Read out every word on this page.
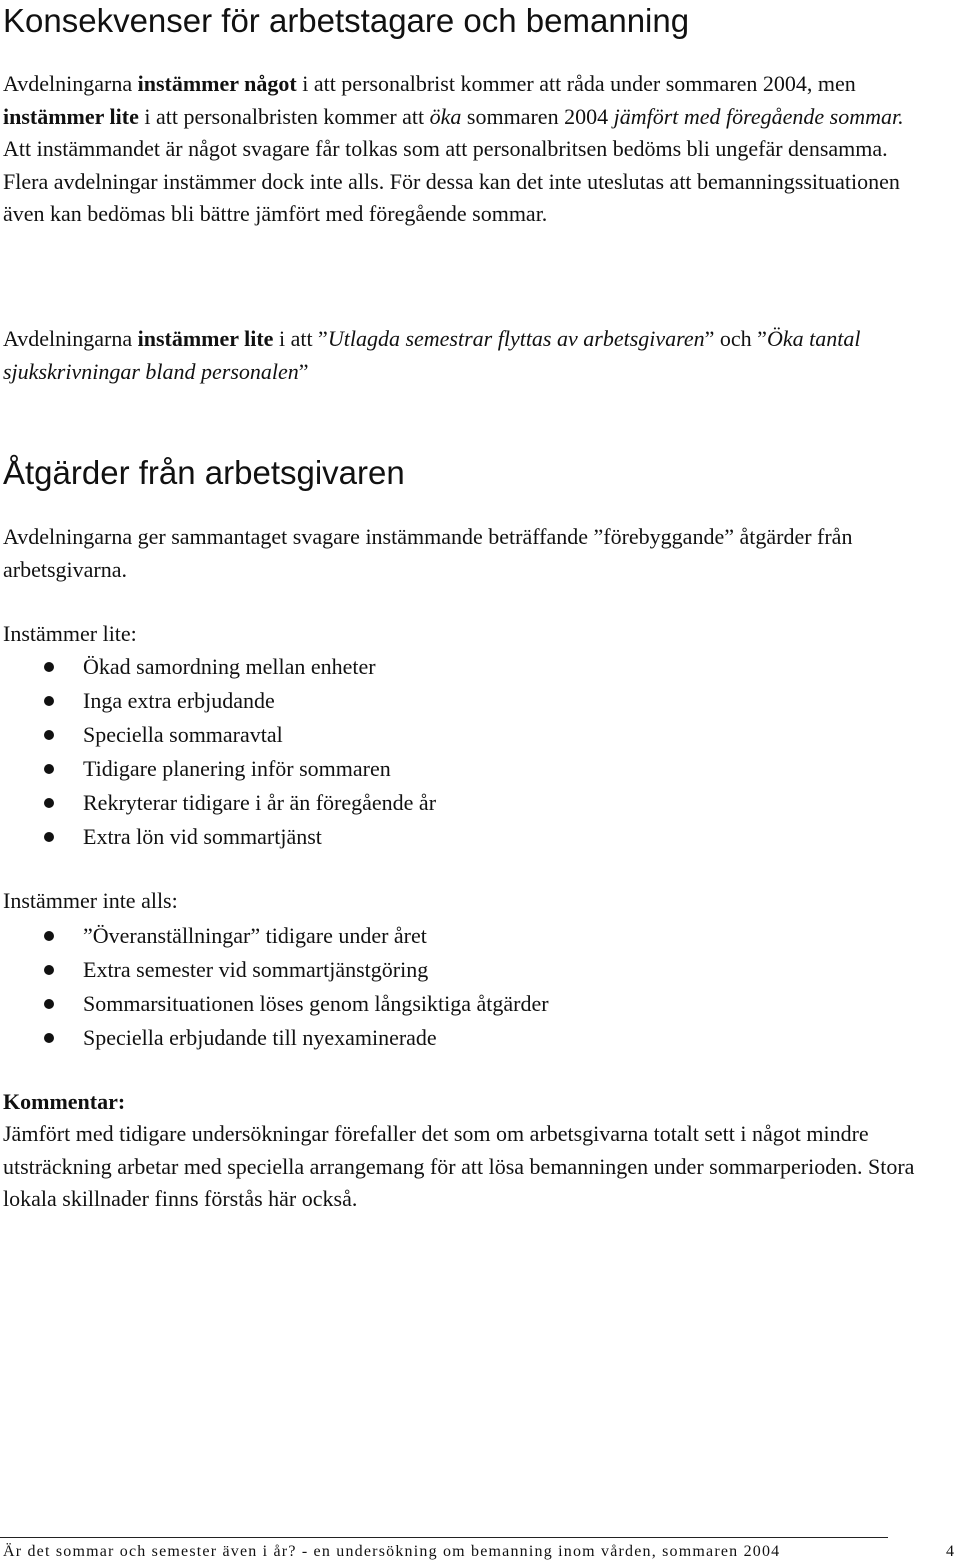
Konsekvenser för arbetstagare och bemanning

Avdelningarna instämmer något i att personalbrist kommer att råda under sommaren 2004, men instämmer lite i att personalbristen kommer att öka sommaren 2004 jämfört med föregående sommar. Att instämmandet är något svagare får tolkas som att personalbritsen bedöms bli ungefär densamma. Flera avdelningar instämmer dock inte alls. För dessa kan det inte uteslutas att bemanningssituationen även kan bedömas bli bättre jämfört med föregående sommar.

Avdelningarna instämmer lite i att ”Utlagda semestrar flyttas av arbetsgivaren” och ”Öka tantal sjukskrivningar bland personalen”

Åtgärder från arbetsgivaren

Avdelningarna ger sammantaget svagare instämmande beträffande ”förebyggande” åtgärder från arbetsgivarna.

Instämmer lite:

Ökad samordning mellan enheter
Inga extra erbjudande
Speciella sommaravtal
Tidigare planering inför sommaren
Rekryterar tidigare i år än föregående år
Extra lön vid sommartjänst

Instämmer inte alls:

”Överanställningar” tidigare under året
Extra semester vid sommartjänstgöring
Sommarsituationen löses genom långsiktiga åtgärder
Speciella erbjudande till nyexaminerade

Kommentar:

Jämfört med tidigare undersökningar förefaller det som om arbetsgivarna totalt sett i något mindre utsträckning arbetar med speciella arrangemang för att lösa bemanningen under sommarperioden. Stora lokala skillnader finns förstås här också.

Är det sommar och semester även i år? - en undersökning om bemanning inom vården, sommaren 2004	4
